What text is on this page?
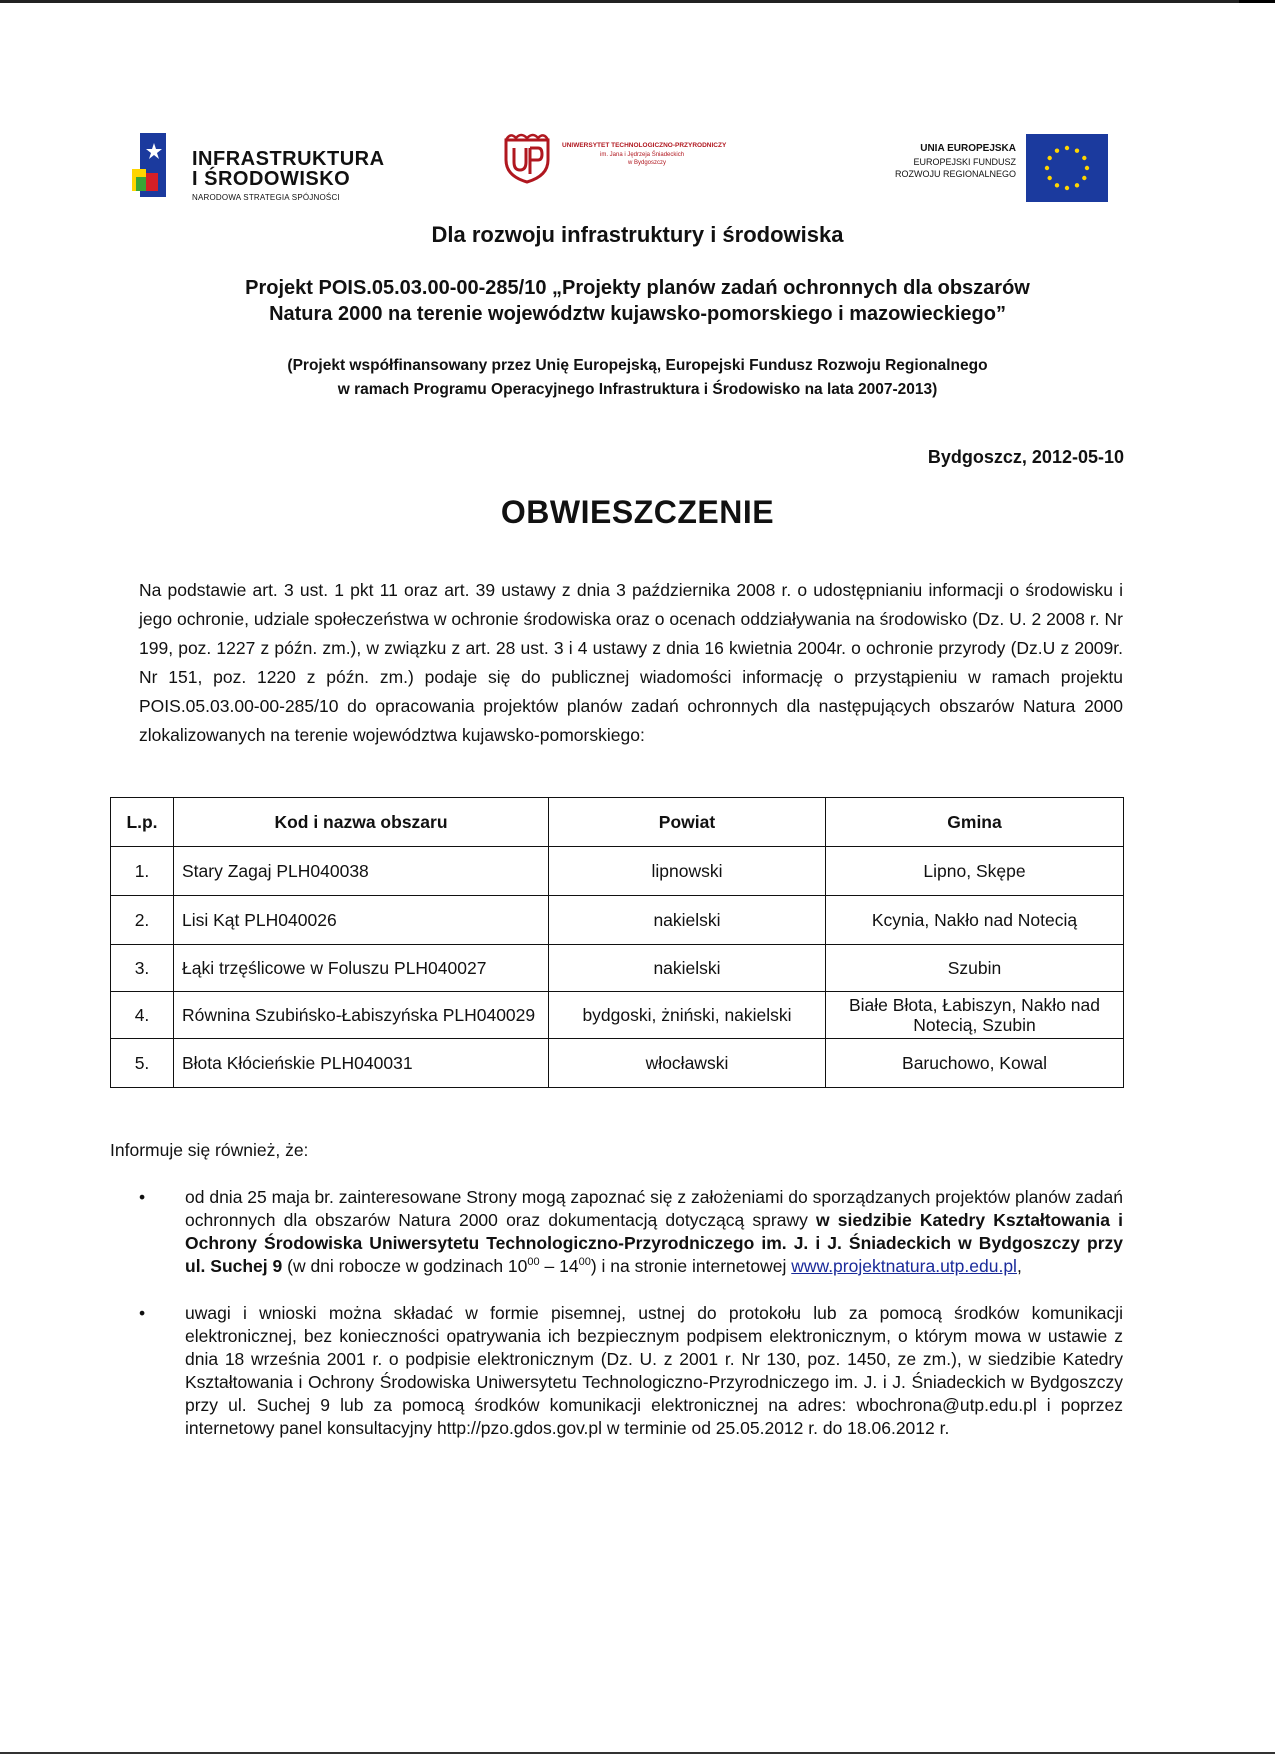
INFRASTRUKTURA
I ŚRODOWISKO
NARODOWA STRATEGIA SPÓJNOŚCI
UNIWERSYTET TECHNOLOGICZNO-PRZYRODNICZY
im. Jana i Jędrzeja Śniadeckich
w Bydgoszczy
UNIA EUROPEJSKA
EUROPEJSKI FUNDUSZ
ROZWOJU REGIONALNEGO
Dla rozwoju infrastruktury i środowiska
Projekt POIS.05.03.00-00-285/10 „Projekty planów zadań ochronnych dla obszarów
Natura 2000 na terenie województw kujawsko-pomorskiego i mazowieckiego”
(Projekt współfinansowany przez Unię Europejską, Europejski Fundusz Rozwoju Regionalnego
w ramach Programu Operacyjnego Infrastruktura i Środowisko na lata 2007-2013)
Bydgoszcz, 2012-05-10
OBWIESZCZENIE

Na podstawie art. 3 ust. 1 pkt 11 oraz art. 39 ustawy z dnia 3 października 2008 r. o udostępnianiu informacji o środowisku i jego ochronie, udziale społeczeństwa w ochronie środowiska oraz o ocenach oddziaływania na środowisko (Dz. U. 2 2008 r. Nr 199, poz. 1227 z późn. zm.), w związku z art. 28 ust. 3 i 4 ustawy z dnia 16 kwietnia 2004r. o ochronie przyrody (Dz.U z 2009r. Nr 151, poz. 1220 z późn. zm.) podaje się do publicznej wiadomości informację o przystąpieniu w ramach projektu POIS.05.03.00-00-285/10 do opracowania projektów planów zadań ochronnych dla następujących obszarów Natura 2000 zlokalizowanych na terenie województwa kujawsko-pomorskiego:

L.p.	Kod i nazwa obszaru	Powiat	Gmina
1.	Stary Zagaj PLH040038	lipnowski	Lipno, Skępe
2.	Lisi Kąt PLH040026	nakielski	Kcynia, Nakło nad Notecią
3.	Łąki trzęślicowe w Foluszu PLH040027	nakielski	Szubin
4.	Równina Szubińsko-Łabiszyńska PLH040029	bydgoski, żniński, nakielski	Białe Błota, Łabiszyn, Nakło nad Notecią, Szubin
5.	Błota Kłócieńskie PLH040031	włocławski	Baruchowo, Kowal
Informuje się również, że:
• od dnia 25 maja br. zainteresowane Strony mogą zapoznać się z założeniami do sporządzanych projektów planów zadań ochronnych dla obszarów Natura 2000 oraz dokumentacją dotyczącą sprawy w siedzibie Katedry Kształtowania i Ochrony Środowiska Uniwersytetu Technologiczno-Przyrodniczego im. J. i J. Śniadeckich w Bydgoszczy przy ul. Suchej 9 (w dni robocze w godzinach $10^{00} - 14^{00}$) i na stronie internetowej www.projektnatura.utp.edu.pl,
• uwagi i wnioski można składać w formie pisemnej, ustnej do protokołu lub za pomocą środków komunikacji elektronicznej, bez konieczności opatrywania ich bezpiecznym podpisem elektronicznym, o którym mowa w ustawie z dnia 18 września 2001 r. o podpisie elektronicznym (Dz. U. z 2001 r. Nr 130, poz. 1450, ze zm.), w siedzibie Katedry Kształtowania i Ochrony Środowiska Uniwersytetu Technologiczno-Przyrodniczego im. J. i J. Śniadeckich w Bydgoszczy przy ul. Suchej 9 lub za pomocą środków komunikacji elektronicznej na adres: wbochrona@utp.edu.pl i poprzez internetowy panel konsultacyjny http://pzo.gdos.gov.pl w terminie od 25.05.2012 r. do 18.06.2012 r.
